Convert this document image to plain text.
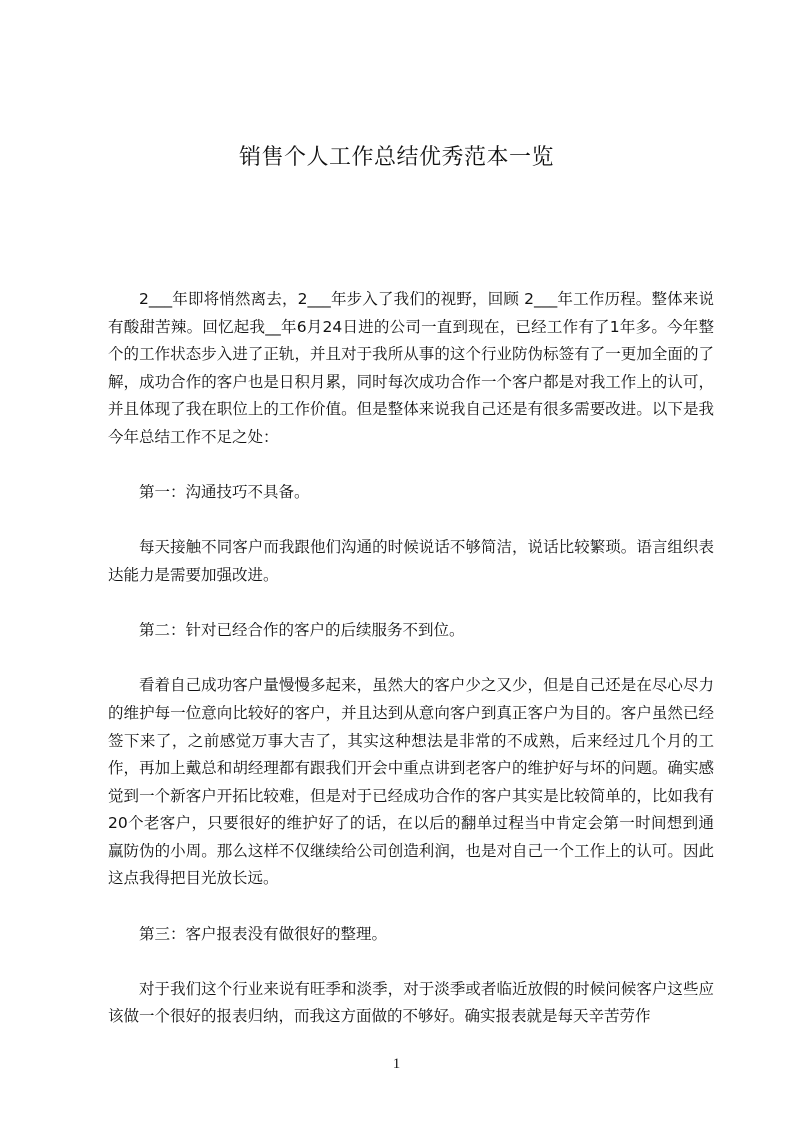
销售个人工作总结优秀范本一览

2___年即将悄然离去，2___年步入了我们的视野，回顾 2___年工作历程。整体来说有酸甜苦辣。回忆起我__年6月24日进的公司一直到现在，已经工作有了1年多。今年整个的工作状态步入进了正轨，并且对于我所从事的这个行业防伪标签有了一更加全面的了解，成功合作的客户也是日积月累，同时每次成功合作一个客户都是对我工作上的认可，并且体现了我在职位上的工作价值。但是整体来说我自己还是有很多需要改进。以下是我今年总结工作不足之处：

第一：沟通技巧不具备。

每天接触不同客户而我跟他们沟通的时候说话不够简洁，说话比较繁琐。语言组织表达能力是需要加强改进。

第二：针对已经合作的客户的后续服务不到位。

看着自己成功客户量慢慢多起来，虽然大的客户少之又少，但是自己还是在尽心尽力的维护每一位意向比较好的客户，并且达到从意向客户到真正客户为目的。客户虽然已经签下来了，之前感觉万事大吉了，其实这种想法是非常的不成熟，后来经过几个月的工作，再加上戴总和胡经理都有跟我们开会中重点讲到老客户的维护好与坏的问题。确实感觉到一个新客户开拓比较难，但是对于已经成功合作的客户其实是比较简单的，比如我有20个老客户，只要很好的维护好了的话，在以后的翻单过程当中肯定会第一时间想到通赢防伪的小周。那么这样不仅继续给公司创造利润，也是对自己一个工作上的认可。因此这点我得把目光放长远。

第三：客户报表没有做很好的整理。

对于我们这个行业来说有旺季和淡季，对于淡季或者临近放假的时候问候客户这些应该做一个很好的报表归纳，而我这方面做的不够好。确实报表就是每天辛苦劳作

1
